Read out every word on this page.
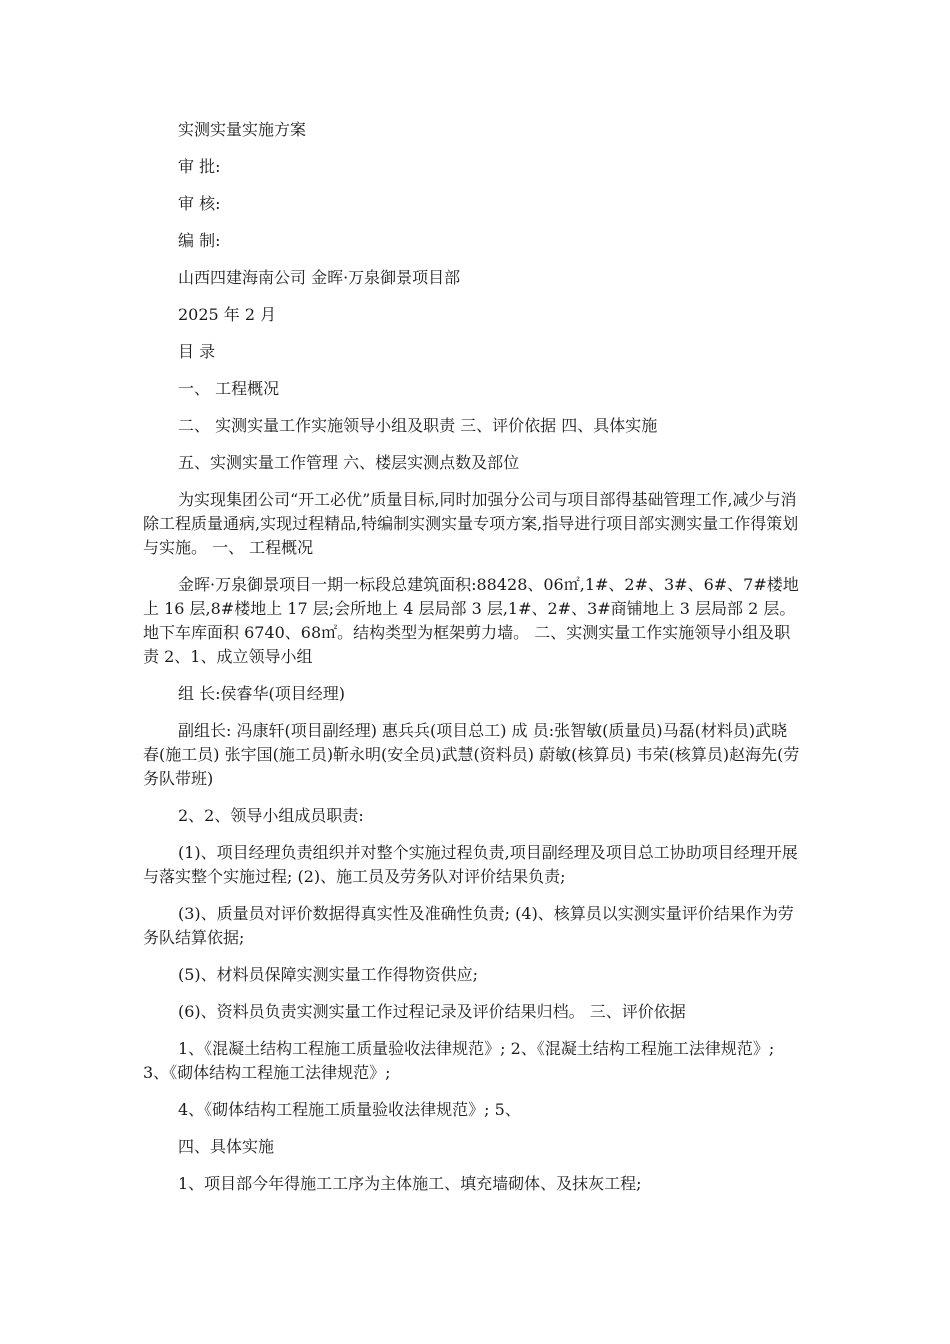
实测实量实施方案

审 批:

审 核:

编 制:

山西四建海南公司 金晖·万泉御景项目部

2025 年 2 月

目 录

一、 工程概况

二、 实测实量工作实施领导小组及职责 三、评价依据 四、具体实施

五、实测实量工作管理 六、楼层实测点数及部位

为实现集团公司“开工必优”质量目标,同时加强分公司与项目部得基础管理工作,减少与消除工程质量通病,实现过程精品,特编制实测实量专项方案,指导进行项目部实测实量工作得策划与实施。 一、 工程概况

金晖·万泉御景项目一期一标段总建筑面积:88428、06㎡,1#、2#、3#、6#、7#楼地上 16 层,8#楼地上 17 层;会所地上 4 层局部 3 层,1#、2#、3#商铺地上 3 层局部 2 层。地下车库面积 6740、68㎡。结构类型为框架剪力墙。 二、实测实量工作实施领导小组及职责 2、1、成立领导小组

组 长:侯睿华(项目经理)

副组长: 冯康轩(项目副经理) 惠兵兵(项目总工) 成 员:张智敏(质量员)马磊(材料员)武晓春(施工员) 张宇国(施工员)靳永明(安全员)武慧(资料员) 蔚敏(核算员) 韦荣(核算员)赵海先(劳务队带班)

2、2、领导小组成员职责:

(1)、项目经理负责组织并对整个实施过程负责,项目副经理及项目总工协助项目经理开展与落实整个实施过程; (2)、施工员及劳务队对评价结果负责;

(3)、质量员对评价数据得真实性及准确性负责; (4)、核算员以实测实量评价结果作为劳务队结算依据;

(5)、材料员保障实测实量工作得物资供应;

(6)、资料员负责实测实量工作过程记录及评价结果归档。 三、评价依据

1、《混凝土结构工程施工质量验收法律规范》; 2、《混凝土结构工程施工法律规范》; 3、《砌体结构工程施工法律规范》;

4、《砌体结构工程施工质量验收法律规范》; 5、

四、具体实施

1、项目部今年得施工工序为主体施工、填充墙砌体、及抹灰工程;
